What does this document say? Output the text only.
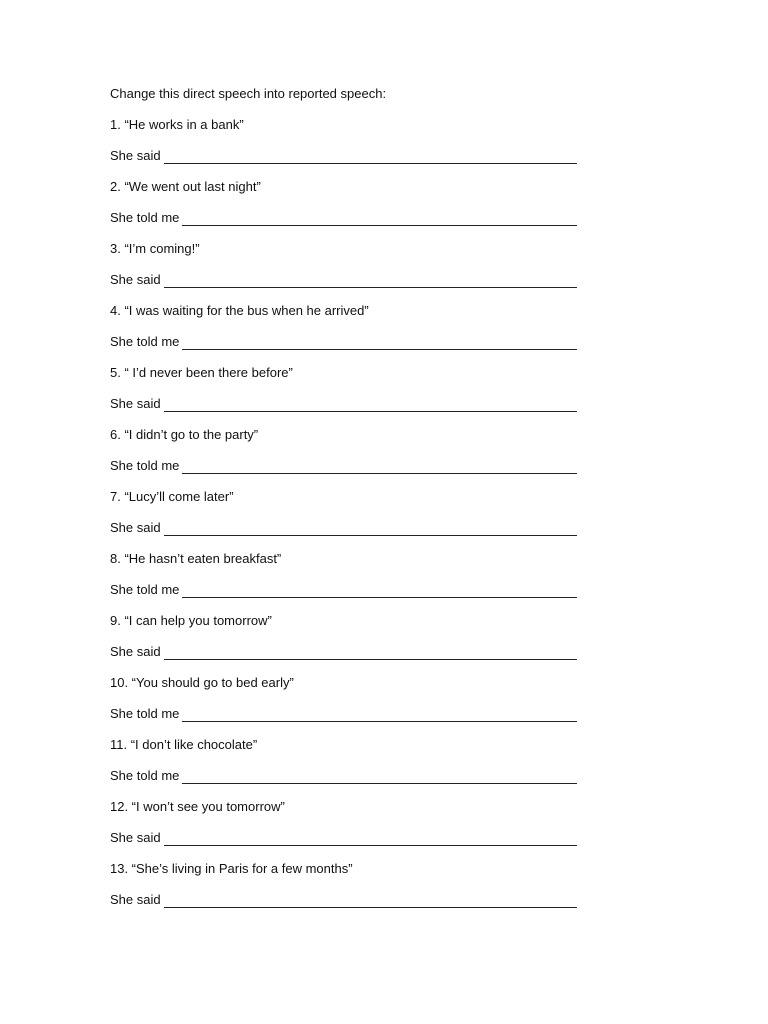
Change this direct speech into reported speech:
1. “He works in a bank”
She said
2. “We went out last night”
She told me
3. “I’m coming!”
She said
4. “I was waiting for the bus when he arrived”
She told me
5. “ I’d never been there before”
She said
6. “I didn’t go to the party”
She told me
7. “Lucy’ll come later”
She said
8. “He hasn’t eaten breakfast”
She told me
9. “I can help you tomorrow”
She said
10. “You should go to bed early”
She told me
11. “I don’t like chocolate”
She told me
12. “I won’t see you tomorrow”
She said
13. “She’s living in Paris for a few months”
She said
